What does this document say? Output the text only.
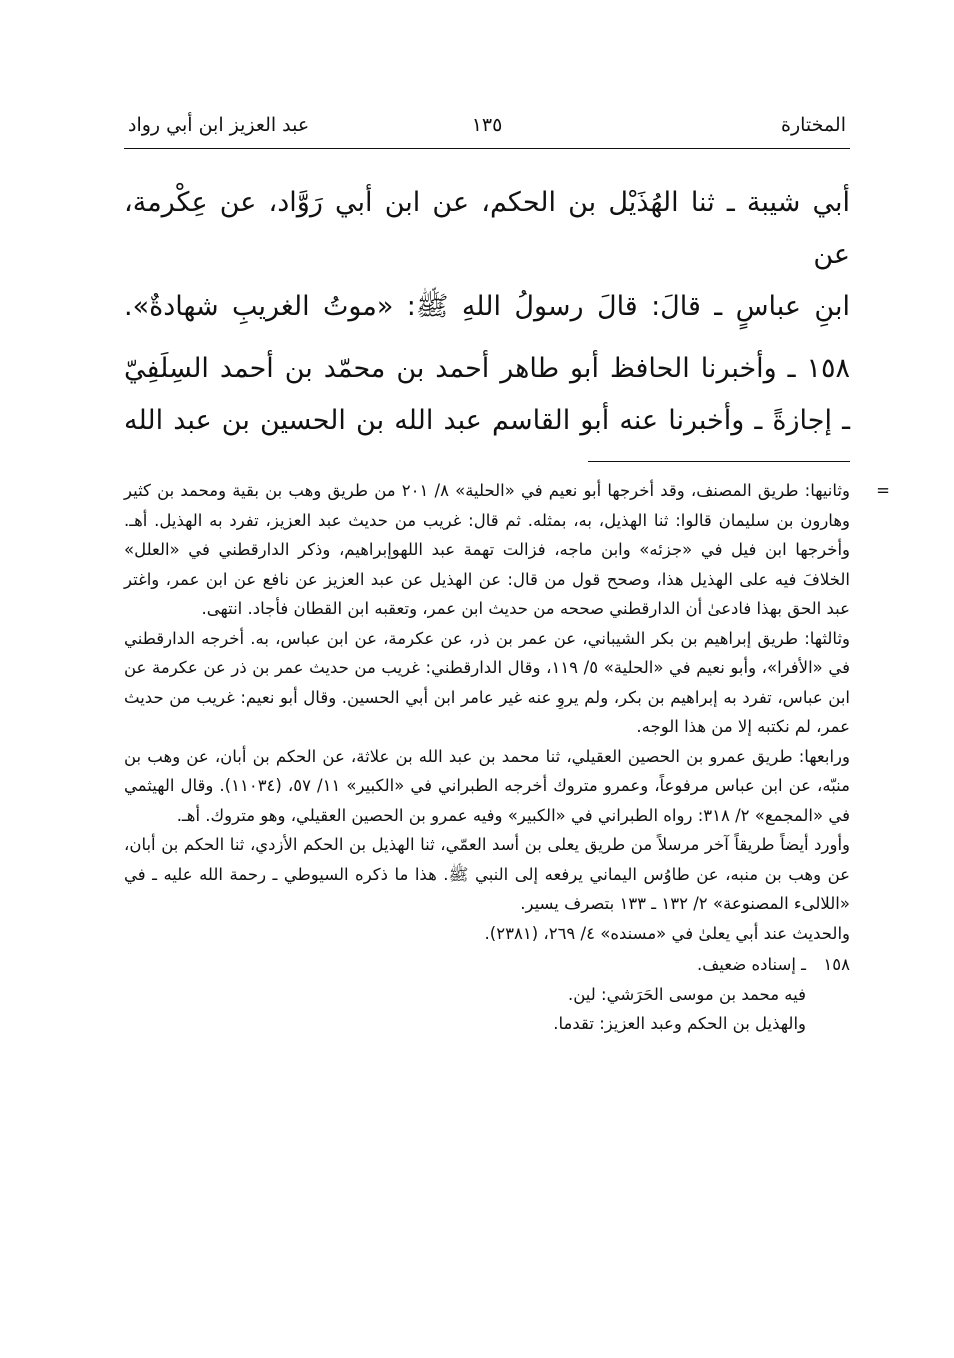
المختارة
١٣٥
عبد العزيز ابن أبي رواد

أبي شيبة ـ ثنا الهُذَيْل بن الحكم، عن ابن أبي رَوَّاد، عن عِكْرمة، عن
ابنِ عباسٍ ـ قالَ: قالَ رسولُ اللهِ ﷺ: «موتُ الغريبِ شهادةٌ».

١٥٨ ـ وأخبرنا الحافظ أبو طاهر أحمد بن محمّد بن أحمد السِلَفِيّ
ـ إجازةً ـ وأخبرنا عنه أبو القاسم عبد الله بن الحسين بن عبد الله

=

وثانيها: طريق المصنف، وقد أخرجها أبو نعيم في «الحلية» ٨/ ٢٠١ من طريق وهب بن بقية ومحمد بن كثير وهارون بن سليمان قالوا: ثنا الهذيل، به، بمثله. ثم قال: غريب من حديث عبد العزيز، تفرد به الهذيل. أهـ. وأخرجها ابن فيل في «جزئه» وابن ماجه، فزالت تهمة عبد اللهوإبراهيم، وذكر الدارقطني في «العلل» الخلافَ فيه على الهذيل هذا، وصحح قول من قال: عن الهذيل عن عبد العزيز عن نافع عن ابن عمر، واغتر عبد الحق بهذا فادعىٰ أن الدارقطني صححه من حديث ابن عمر، وتعقبه ابن القطان فأجاد. انتهى.

وثالثها: طريق إبراهيم بن بكر الشيباني، عن عمر بن ذر، عن عكرمة، عن ابن عباس، به. أخرجه الدارقطني في «الأفرا»، وأبو نعيم في «الحلية» ٥/ ١١٩، وقال الدارقطني: غريب من حديث عمر بن ذر عن عكرمة عن ابن عباس، تفرد به إبراهيم بن بكر، ولم يروِ عنه غير عامر ابن أبي الحسين. وقال أبو نعيم: غريب من حديث عمر، لم نكتبه إلا من هذا الوجه.

ورابعها: طريق عمرو بن الحصين العقيلي، ثنا محمد بن عبد الله بن علاثة، عن الحكم بن أبان، عن وهب بن منبّه، عن ابن عباس مرفوعاً، وعمرو متروك أخرجه الطبراني في «الكبير» ١١/ ٥٧، (١١٠٣٤). وقال الهيثمي في «المجمع» ٢/ ٣١٨: رواه الطبراني في «الكبير» وفيه عمرو بن الحصين العقيلي، وهو متروك. أهـ.

وأورد أيضاً طريقاً آخر مرسلاً من طريق يعلى بن أسد العمّي، ثنا الهذيل بن الحكم الأزدي، ثنا الحكم بن أبان، عن وهب بن منبه، عن طاوُس اليماني يرفعه إلى النبي ﷺ. هذا ما ذكره السيوطي ـ رحمة الله عليه ـ في «اللالىء المصنوعة» ٢/ ١٣٢ ـ ١٣٣ بتصرف يسير.

والحديث عند أبي يعلىٰ في «مسنده» ٤/ ٢٦٩، (٢٣٨١).

١٥٨
ـ إسناده ضعيف.
فيه محمد بن موسى الحَرَشي: لين.
والهذيل بن الحكم وعبد العزيز: تقدما.
